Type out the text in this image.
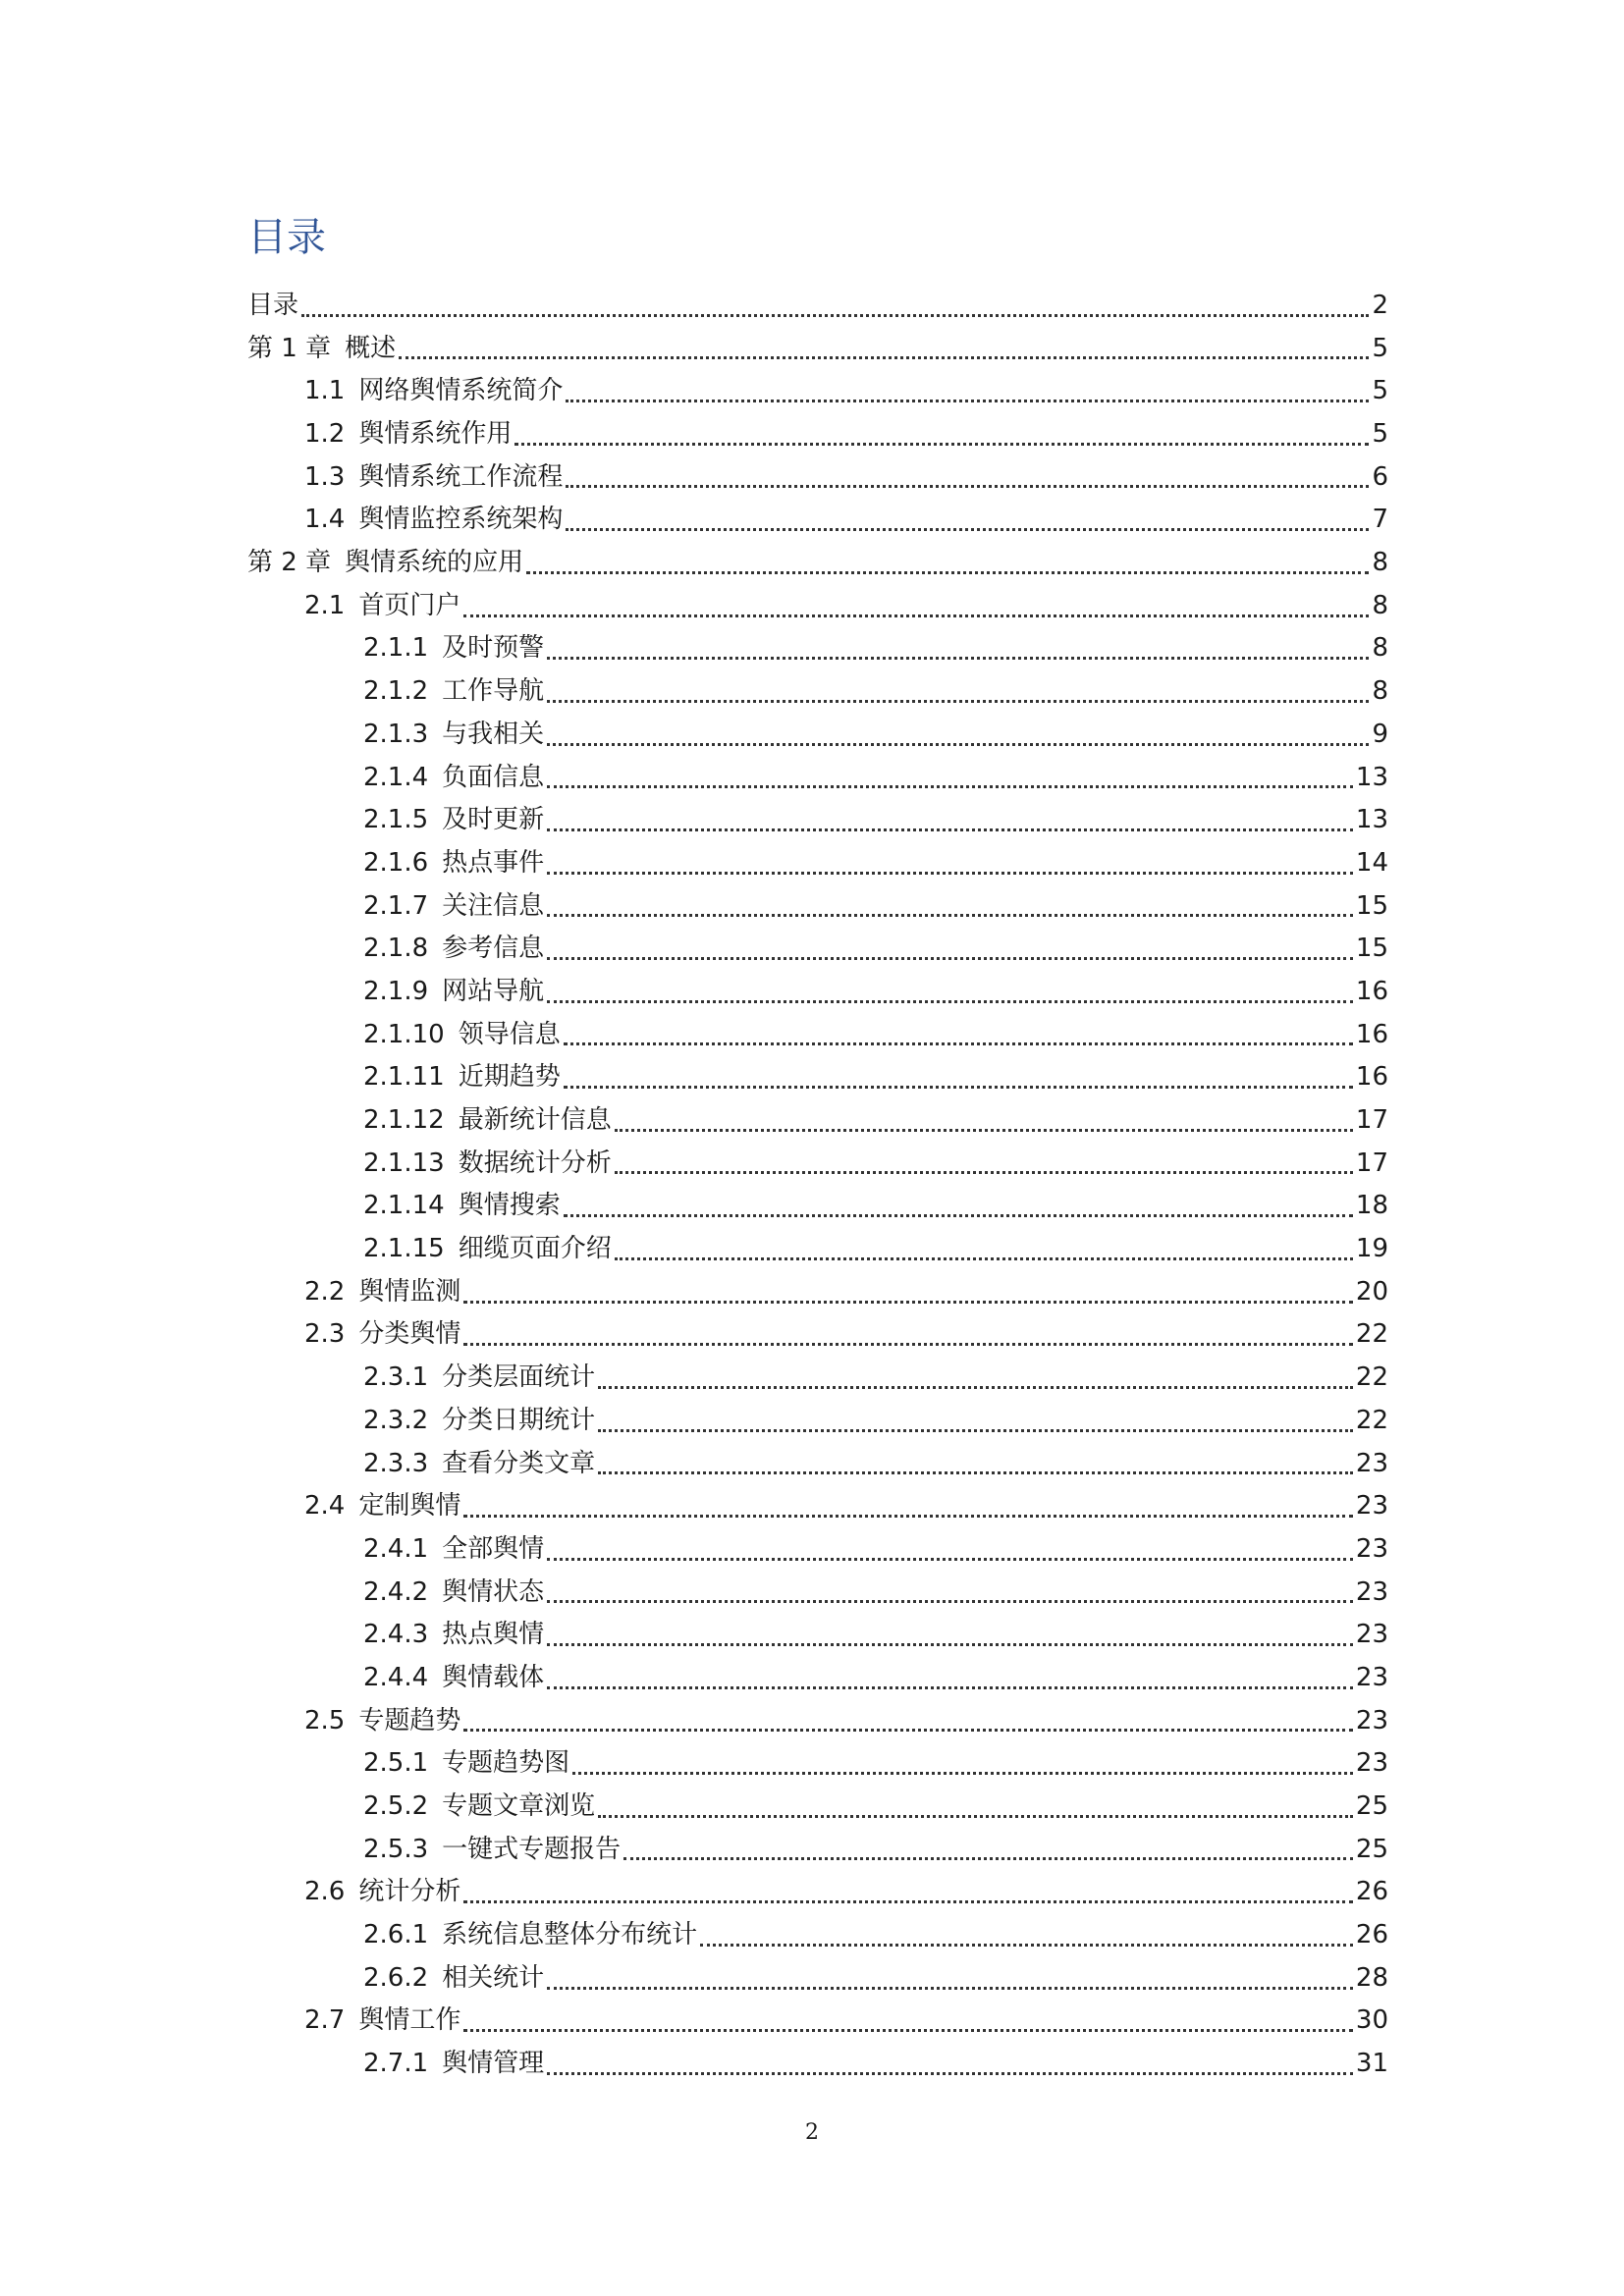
目录
目录	2
第 1 章 概述	5
1.1 网络舆情系统简介	5
1.2 舆情系统作用	5
1.3 舆情系统工作流程	6
1.4 舆情监控系统架构	7
第 2 章 舆情系统的应用	8
2.1 首页门户	8
2.1.1 及时预警	8
2.1.2 工作导航	8
2.1.3 与我相关	9
2.1.4 负面信息	13
2.1.5 及时更新	13
2.1.6 热点事件	14
2.1.7 关注信息	15
2.1.8 参考信息	15
2.1.9 网站导航	16
2.1.10 领导信息	16
2.1.11 近期趋势	16
2.1.12 最新统计信息	17
2.1.13 数据统计分析	17
2.1.14 舆情搜索	18
2.1.15 细缆页面介绍	19
2.2 舆情监测	20
2.3 分类舆情	22
2.3.1 分类层面统计	22
2.3.2 分类日期统计	22
2.3.3 查看分类文章	23
2.4 定制舆情	23
2.4.1 全部舆情	23
2.4.2 舆情状态	23
2.4.3 热点舆情	23
2.4.4 舆情载体	23
2.5 专题趋势	23
2.5.1 专题趋势图	23
2.5.2 专题文章浏览	25
2.5.3 一键式专题报告	25
2.6 统计分析	26
2.6.1 系统信息整体分布统计	26
2.6.2 相关统计	28
2.7 舆情工作	30
2.7.1 舆情管理	31
2
